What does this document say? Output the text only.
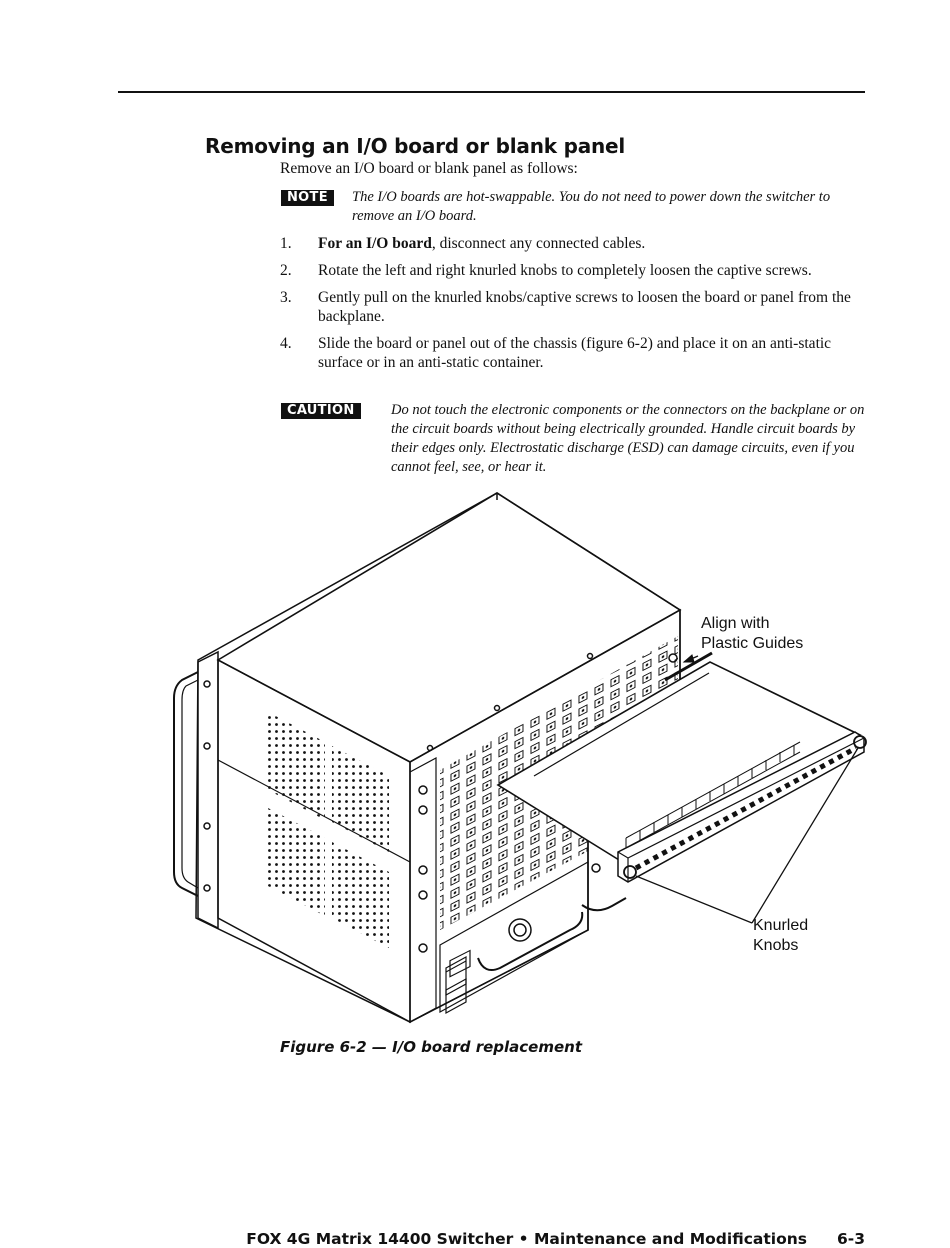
Removing an I/O board or blank panel
Remove an I/O board or blank panel as follows:
NOTE	The I/O boards are hot-swappable. You do not need to power down the switcher to remove an I/O board.
1.	For an I/O board, disconnect any connected cables.
2.	Rotate the left and right knurled knobs to completely loosen the captive screws.
3.	Gently pull on the knurled knobs/captive screws to loosen the board or panel from the backplane.
4.	Slide the board or panel out of the chassis (figure 6-2) and place it on an anti-static surface or in an anti-static container.
CAUTION	Do not touch the electronic components or the connectors on the backplane or on the circuit boards without being electrically grounded. Handle circuit boards by their edges only. Electrostatic discharge (ESD) can damage circuits, even if you cannot feel, see, or hear it.
Align with
Plastic Guides
Knurled
Knobs
Figure 6-2 — I/O board replacement
FOX 4G Matrix 14400 Switcher • Maintenance and Modifications 6-3
